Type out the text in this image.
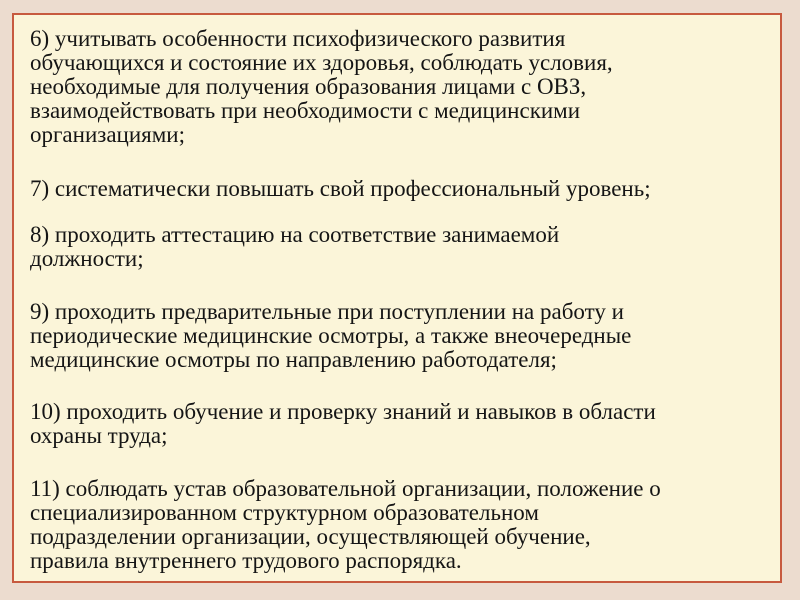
6) учитывать особенности психофизического развития
обучающихся и состояние их здоровья, соблюдать условия,
необходимые для получения образования лицами с ОВЗ,
взаимодействовать при необходимости с медицинскими
организациями;
7) систематически повышать свой профессиональный уровень;
8) проходить аттестацию на соответствие занимаемой
должности;
9) проходить предварительные при поступлении на работу и
периодические медицинские осмотры, а также внеочередные
медицинские осмотры по направлению работодателя;
10) проходить обучение и проверку знаний и навыков в области
охраны труда;
11) соблюдать устав образовательной организации, положение о
специализированном структурном образовательном
подразделении организации, осуществляющей обучение,
правила внутреннего трудового распорядка.
